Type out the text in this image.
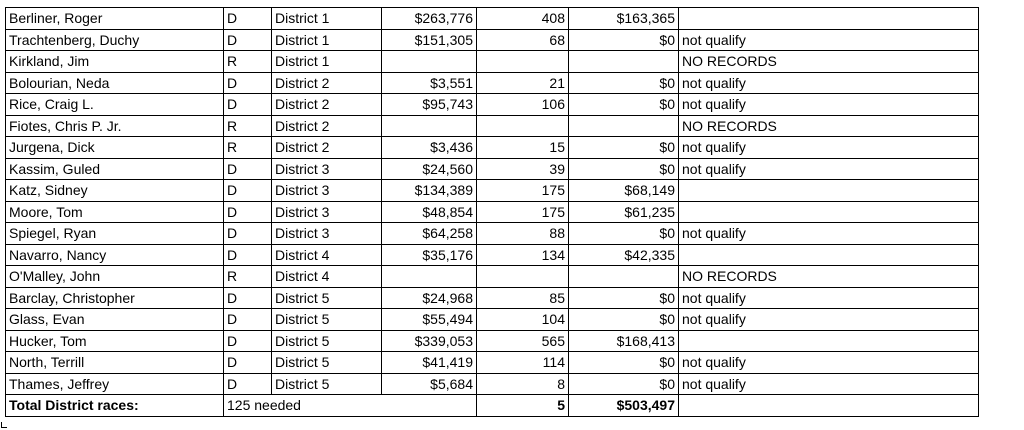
Berliner, Roger	D	District 1	$263,776	408	$163,365	
Trachtenberg, Duchy	D	District 1	$151,305	68	$0	not qualify
Kirkland, Jim	R	District 1				NO RECORDS
Bolourian, Neda	D	District 2	$3,551	21	$0	not qualify
Rice, Craig L.	D	District 2	$95,743	106	$0	not qualify
Fiotes, Chris P. Jr.	R	District 2				NO RECORDS
Jurgena, Dick	R	District 2	$3,436	15	$0	not qualify
Kassim, Guled	D	District 3	$24,560	39	$0	not qualify
Katz, Sidney	D	District 3	$134,389	175	$68,149	
Moore, Tom	D	District 3	$48,854	175	$61,235	
Spiegel, Ryan	D	District 3	$64,258	88	$0	not qualify
Navarro, Nancy	D	District 4	$35,176	134	$42,335	
O'Malley, John	R	District 4				NO RECORDS
Barclay, Christopher	D	District 5	$24,968	85	$0	not qualify
Glass, Evan	D	District 5	$55,494	104	$0	not qualify
Hucker, Tom	D	District 5	$339,053	565	$168,413	
North, Terrill	D	District 5	$41,419	114	$0	not qualify
Thames, Jeffrey	D	District 5	$5,684	8	$0	not qualify
Total District races:	125 needed			5	$503,497	
